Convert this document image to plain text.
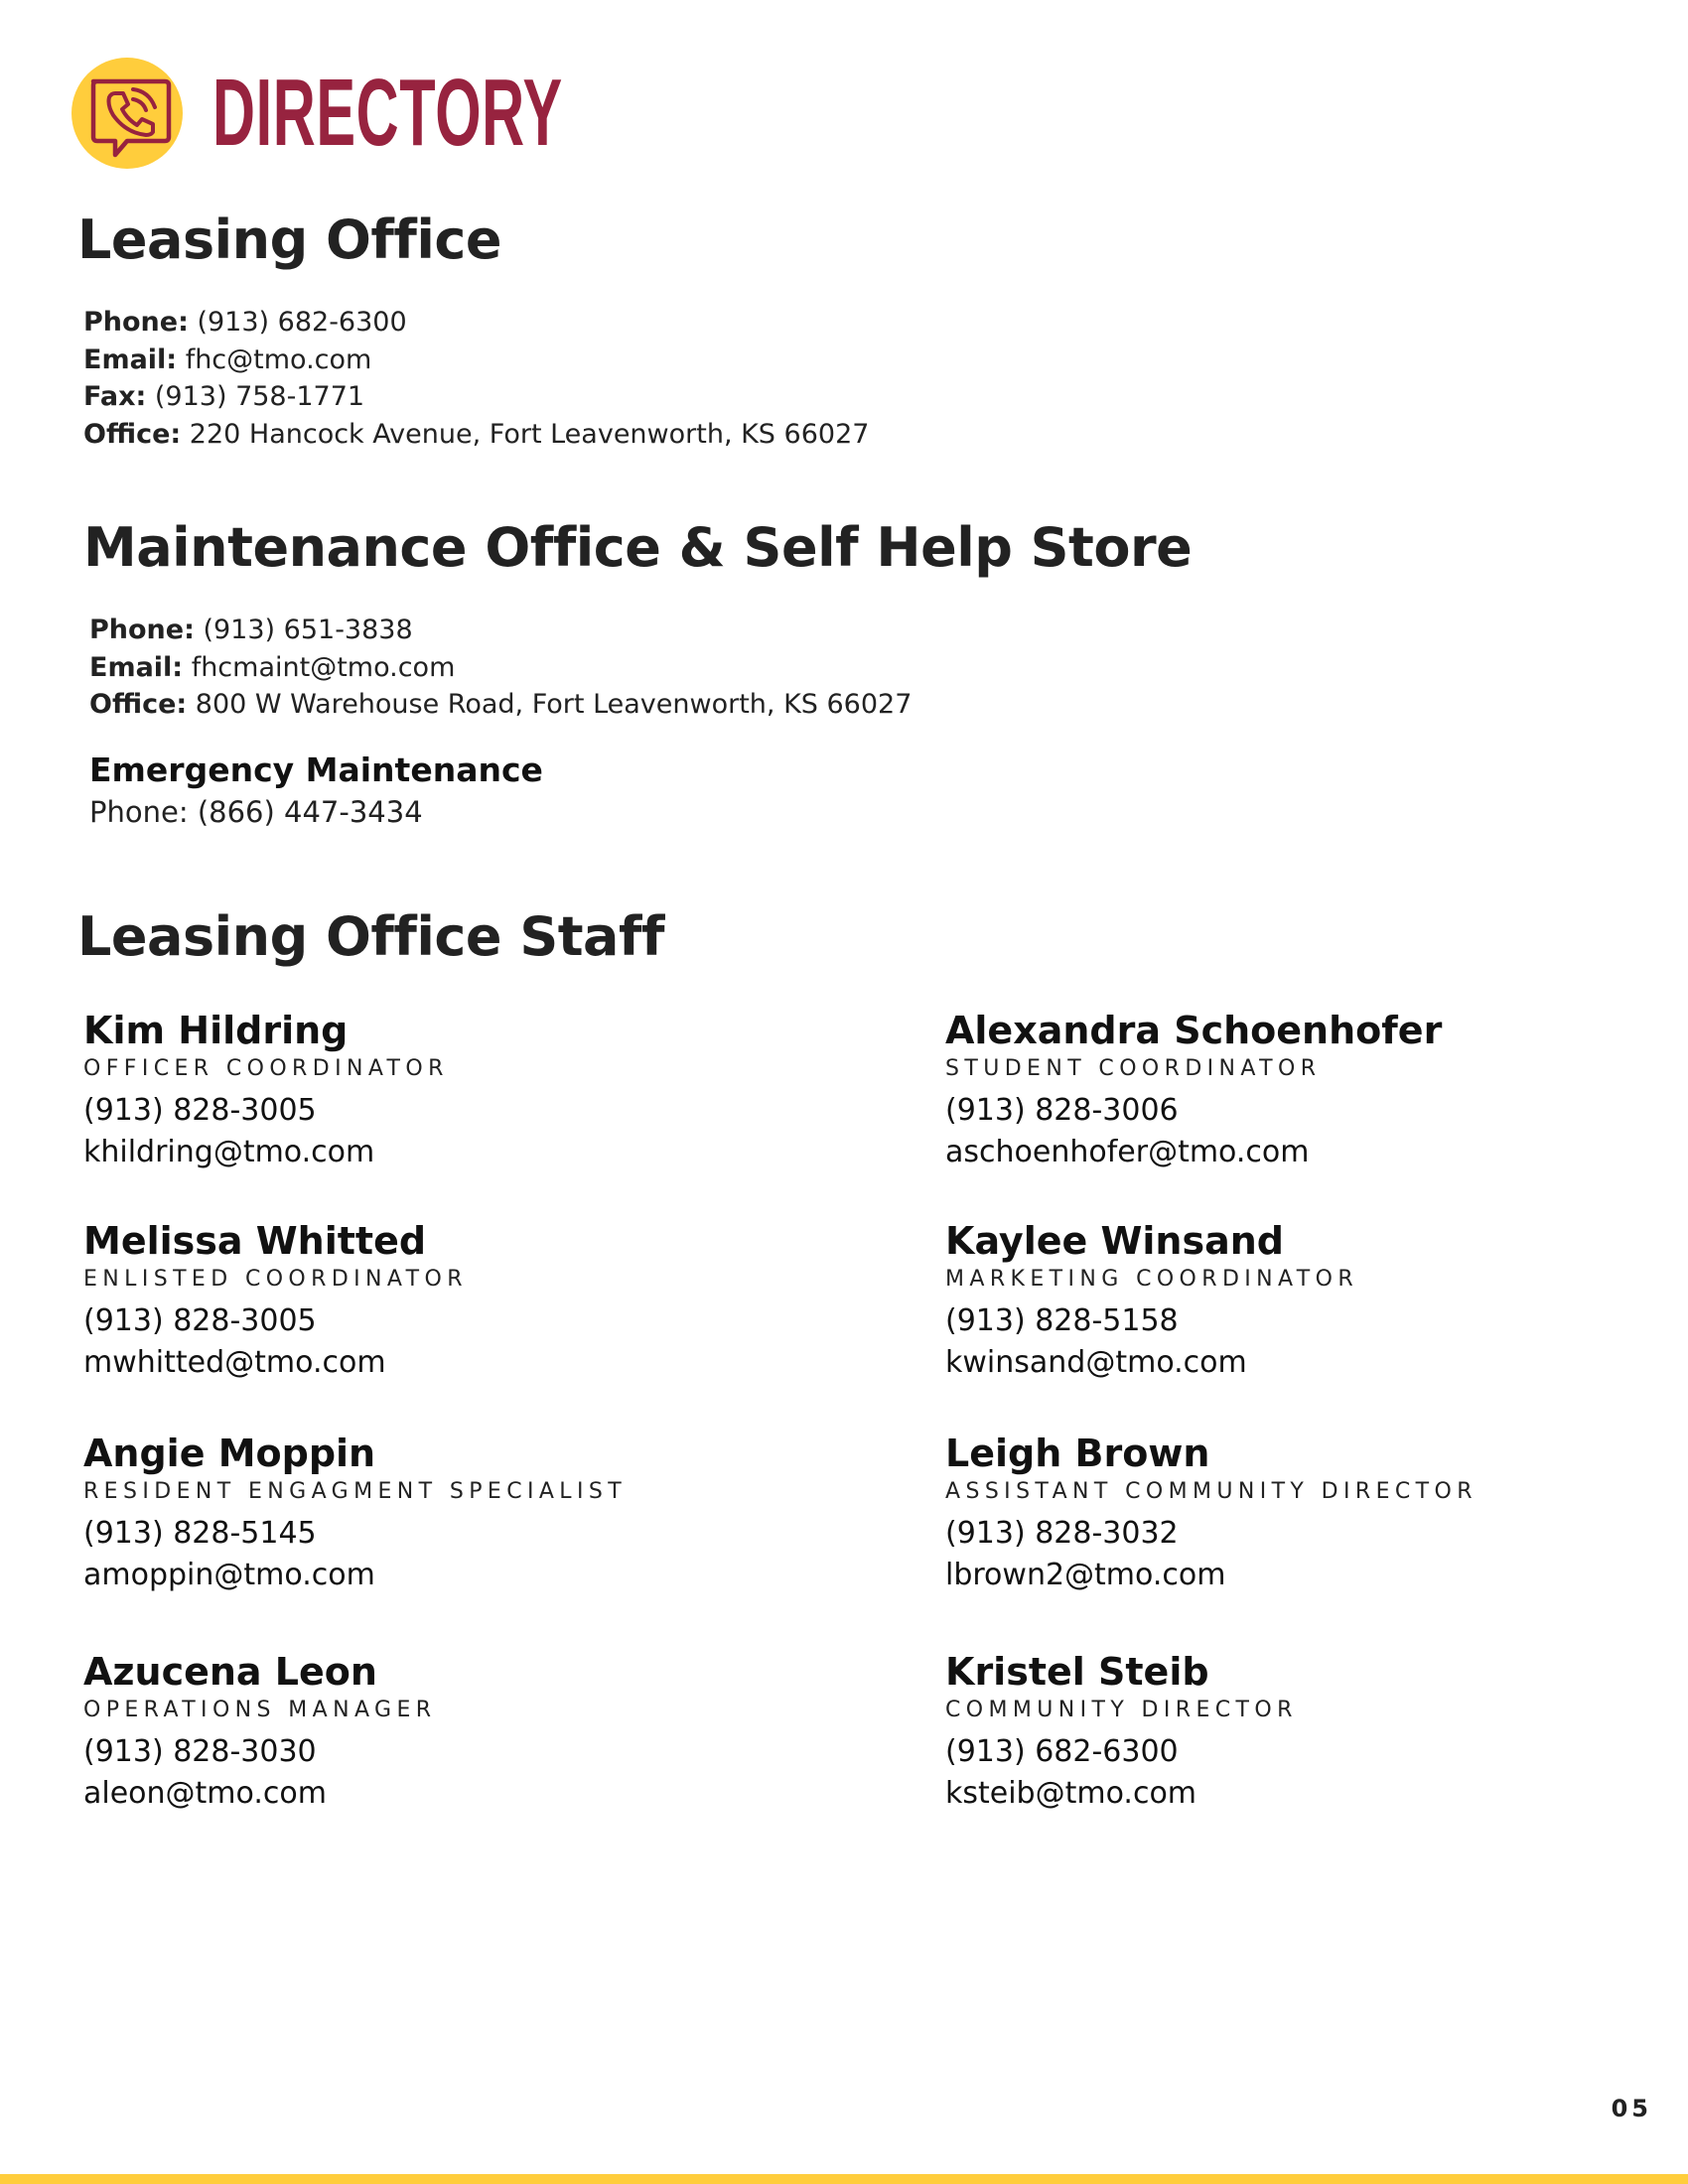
DIRECTORY
Leasing Office
Phone: (913) 682-6300
Email: fhc@tmo.com
Fax: (913) 758-1771
Office: 220 Hancock Avenue, Fort Leavenworth, KS 66027
Maintenance Office & Self Help Store
Phone: (913) 651-3838
Email: fhcmaint@tmo.com
Office: 800 W Warehouse Road, Fort Leavenworth, KS 66027
Emergency Maintenance
Phone: (866) 447-3434
Leasing Office Staff
Kim Hildring
OFFICER COORDINATOR
(913) 828-3005
khildring@tmo.com
Alexandra Schoenhofer
STUDENT COORDINATOR
(913) 828-3006
aschoenhofer@tmo.com
Melissa Whitted
ENLISTED COORDINATOR
(913) 828-3005
mwhitted@tmo.com
Kaylee Winsand
MARKETING COORDINATOR
(913) 828-5158
kwinsand@tmo.com
Angie Moppin
RESIDENT ENGAGMENT SPECIALIST
(913) 828-5145
amoppin@tmo.com
Leigh Brown
ASSISTANT COMMUNITY DIRECTOR
(913) 828-3032
lbrown2@tmo.com
Azucena Leon
OPERATIONS MANAGER
(913) 828-3030
aleon@tmo.com
Kristel Steib
COMMUNITY DIRECTOR
(913) 682-6300
ksteib@tmo.com
05
